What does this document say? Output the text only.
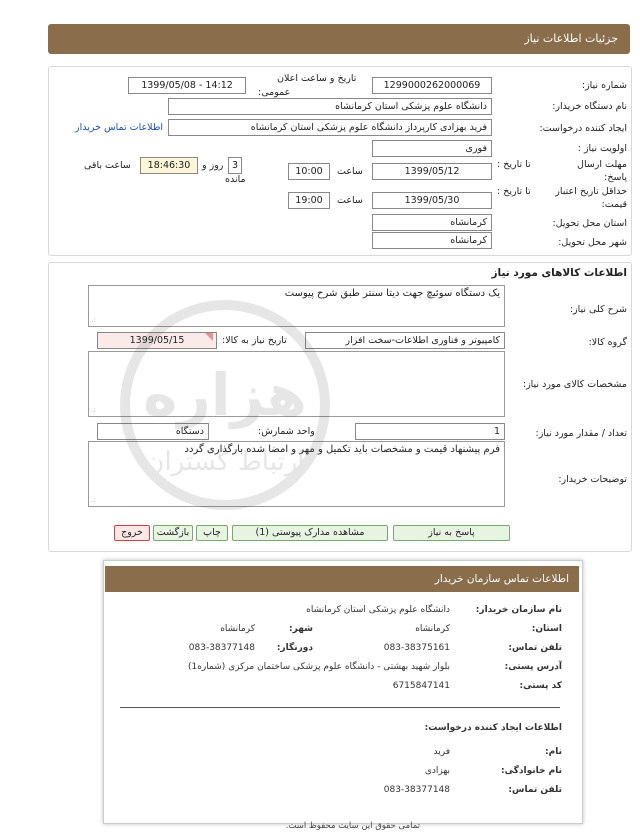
جزئیات اطلاعات نیاز
شماره نیاز:
1299000262000069
تاریخ و ساعت اعلان
عمومی:
1399/05/08 - 14:12
نام دستگاه خریدار:
دانشگاه علوم پزشکی استان کرمانشاه
ایجاد کننده درخواست:
فرید بهزادی کارپرداز دانشگاه علوم پزشکی استان کرمانشاه
اطلاعات تماس خریدار
اولویت نیاز :
فوری
مهلت ارسال
پاسخ:
تا تاریخ :
1399/05/12
ساعت
10:00
3
روز و
18:46:30
ساعت باقی
مانده
حداقل تاریخ اعتبار
قیمت:
تا تاریخ :
1399/05/30
ساعت
19:00
استان محل تحویل:
کرمانشاه
شهر محل تحویل:
کرمانشاه
اطلاعات کالاهای مورد نیاز
شرح کلی نیاز:
یک دستگاه سوئیچ جهت دیتا سنتر طبق شرح پیوست
.:
گروه کالا:
کامپیوتر و فناوری اطلاعات-سخت افزار
تاریخ نیاز به کالا:
1399/05/15
مشخصات کالای مورد نیاز:
.:
تعداد / مقدار مورد نیاز:
1
واحد شمارش:
دستگاه
توضیحات خریدار:
فرم پیشنهاد قیمت و مشخصات باید تکمیل و مهر و امضا شده بارگذاری گردد
.:
پاسخ به نیاز
مشاهده مدارک پیوستی (1)
چاپ
بازگشت
خروج
اطلاعات تماس سازمان خریدار
نام سازمان خریدار:
دانشگاه علوم پزشکی استان کرمانشاه
استان:
کرمانشاه
شهر:
کرمانشاه
تلفن تماس:
083-38375161
دورنگار:
083-38377148
آدرس پستی:
بلوار شهید بهشتی - دانشگاه علوم پزشکی ساختمان مرکزی (شماره1)
کد پستی:
6715847141
اطلاعات ایجاد کننده درخواست:
نام:
فرید
نام خانوادگی:
بهزادی
تلفن تماس:
083-38377148
تمامی حقوق این سایت محفوظ است.
